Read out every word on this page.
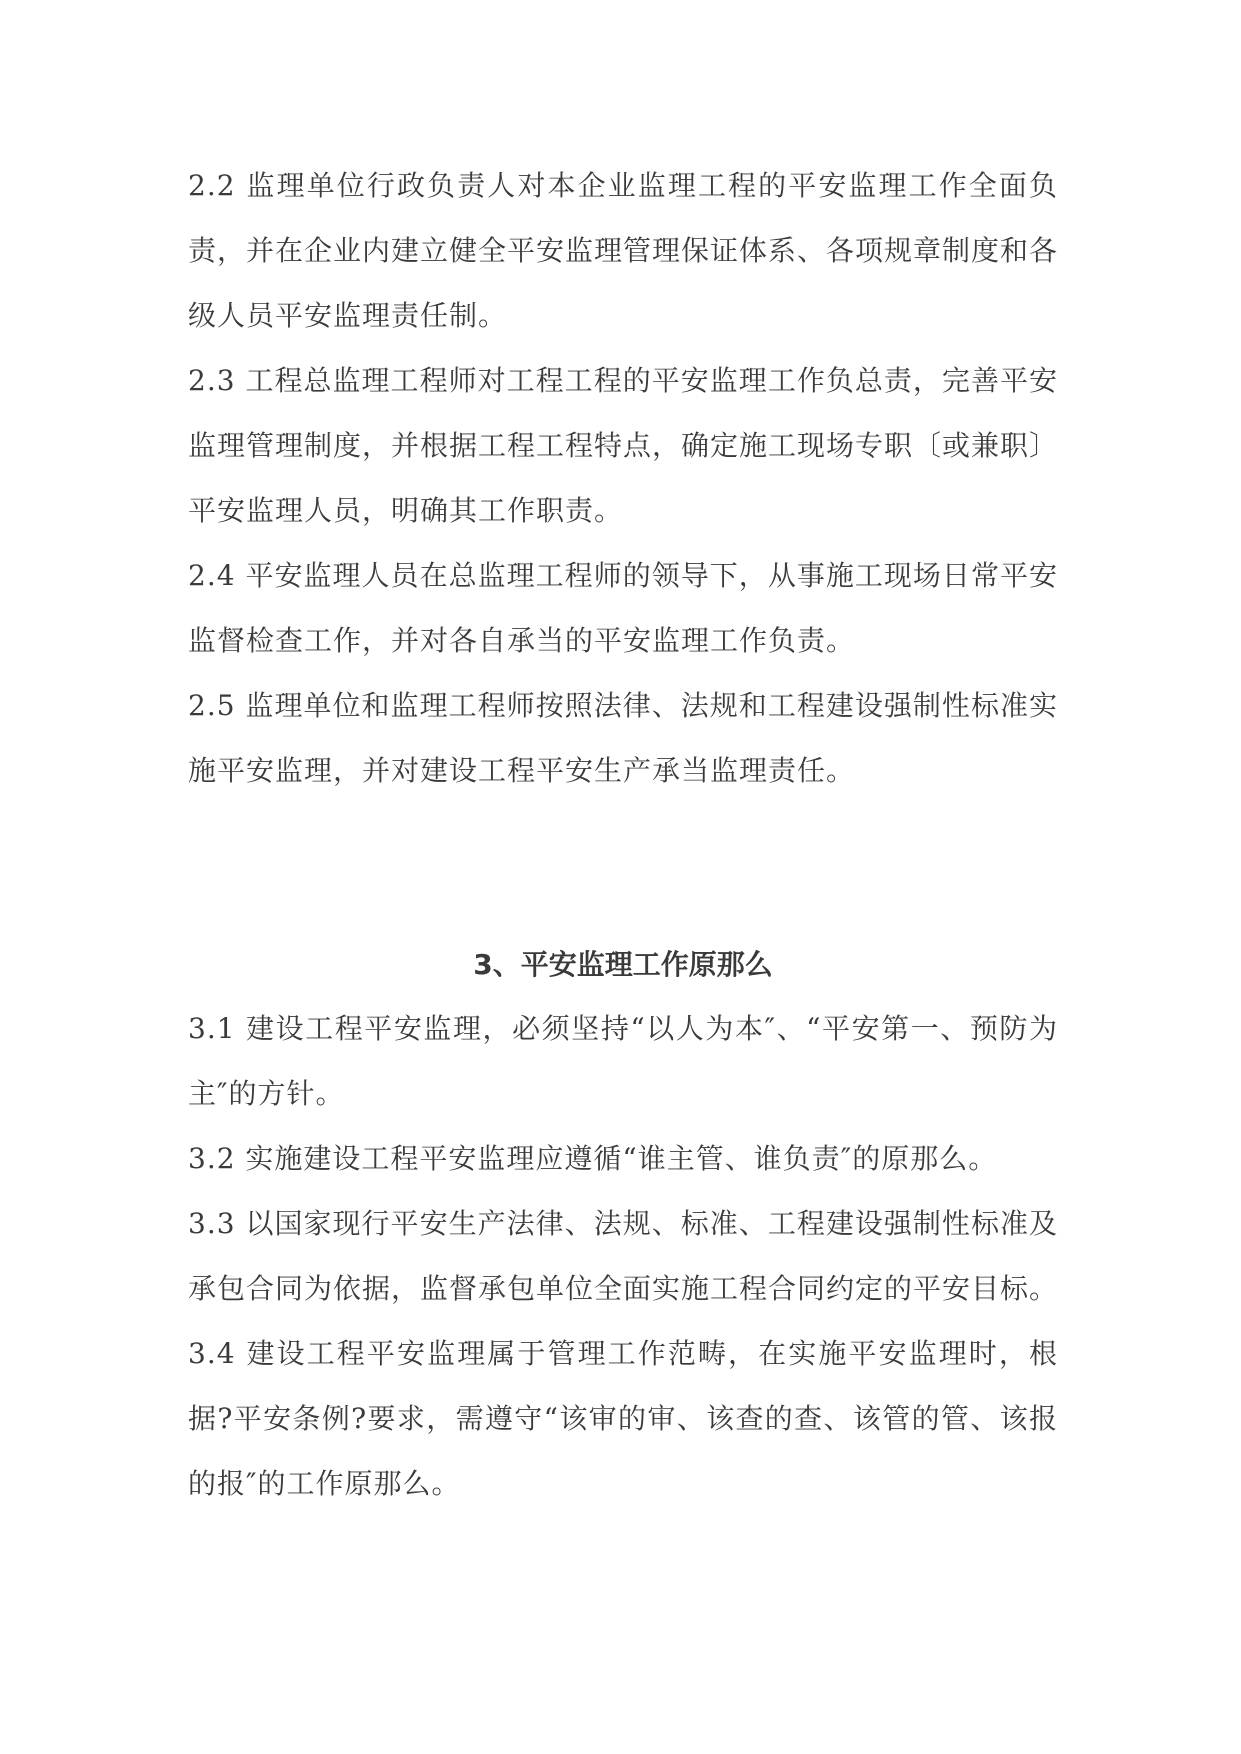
2.2 监理单位行政负责人对本企业监理工程的平安监理工作全面负责，并在企业内建立健全平安监理管理保证体系、各项规章制度和各级人员平安监理责任制。

2.3 工程总监理工程师对工程工程的平安监理工作负总责，完善平安监理管理制度，并根据工程工程特点，确定施工现场专职〔或兼职〕平安监理人员，明确其工作职责。

2.4 平安监理人员在总监理工程师的领导下，从事施工现场日常平安监督检查工作，并对各自承当的平安监理工作负责。

2.5 监理单位和监理工程师按照法律、法规和工程建设强制性标准实施平安监理，并对建设工程平安生产承当监理责任。

3、平安监理工作原那么

3.1 建设工程平安监理，必须坚持“以人为本″、“平安第一、预防为主″的方针。

3.2 实施建设工程平安监理应遵循“谁主管、谁负责″的原那么。

3.3 以国家现行平安生产法律、法规、标准、工程建设强制性标准及承包合同为依据，监督承包单位全面实施工程合同约定的平安目标。

3.4 建设工程平安监理属于管理工作范畴，在实施平安监理时，根据?平安条例?要求，需遵守“该审的审、该查的查、该管的管、该报的报″的工作原那么。
